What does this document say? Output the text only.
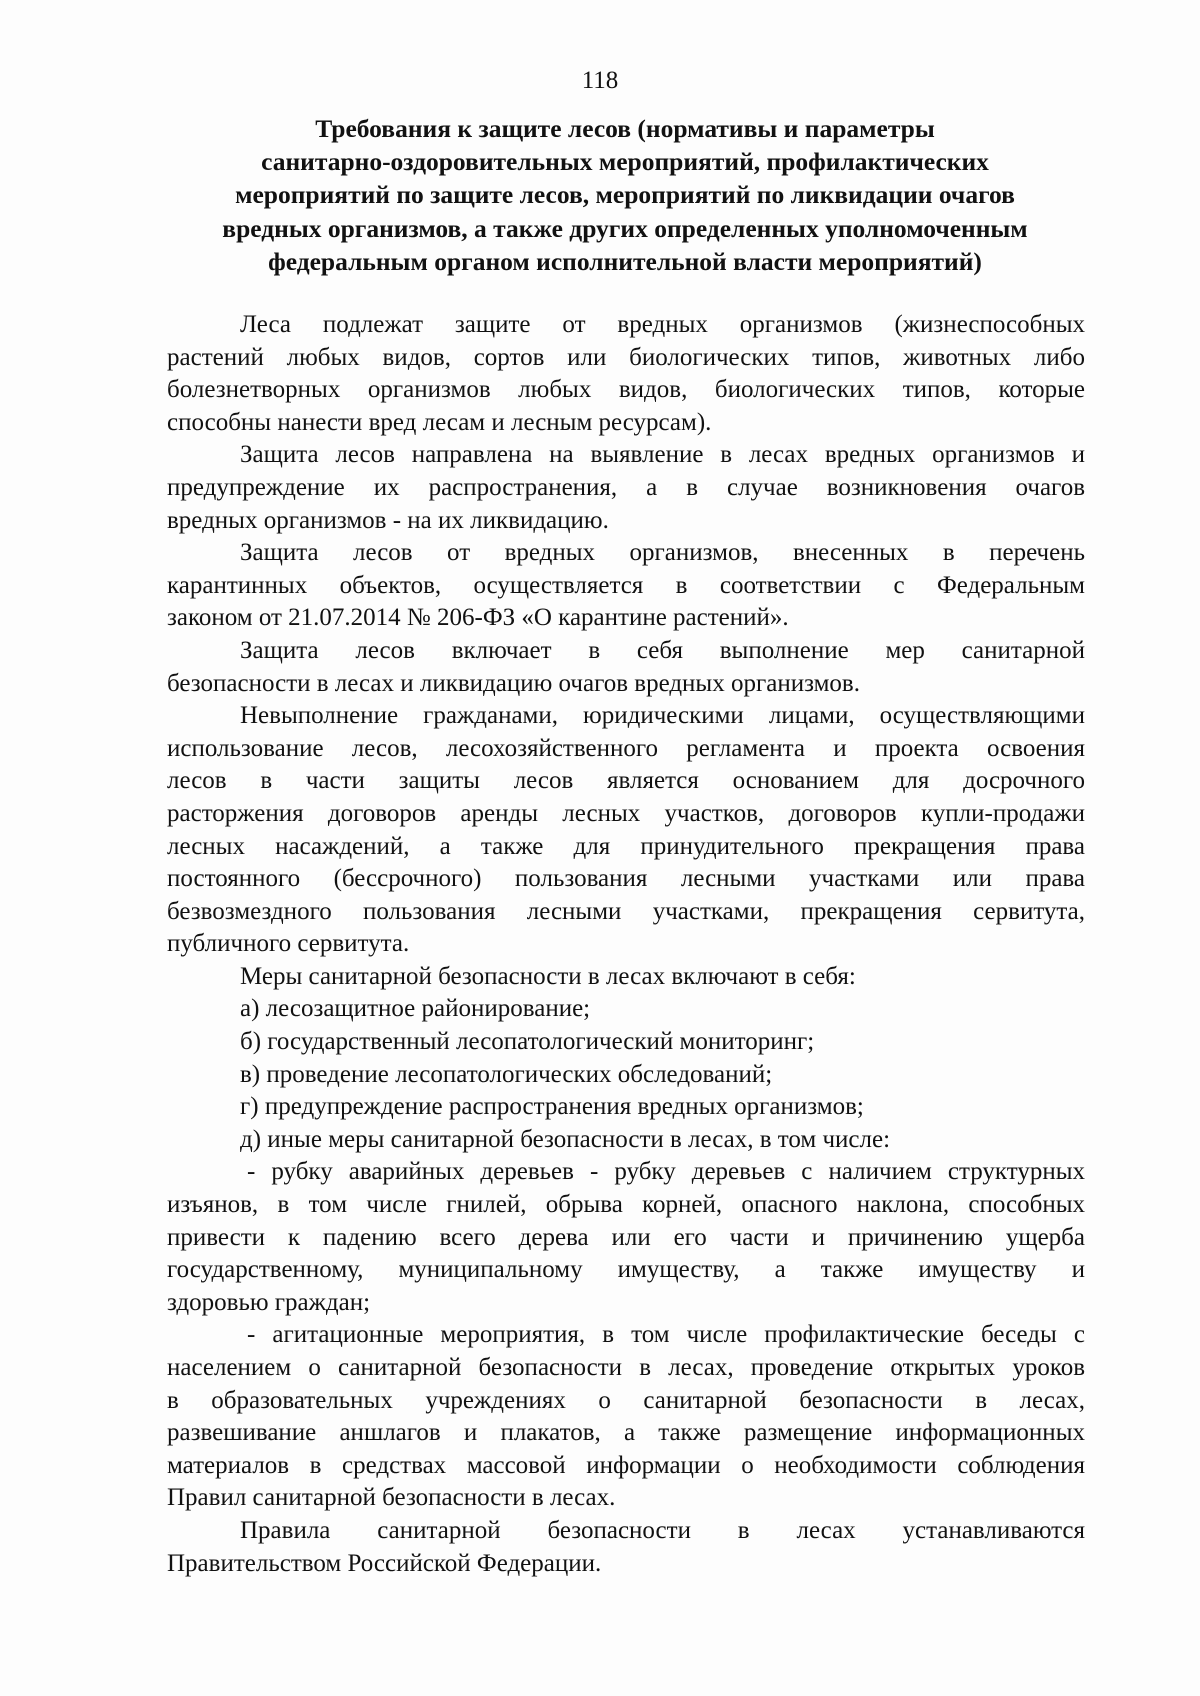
118
Требования к защите лесов (нормативы и параметры
санитарно-оздоровительных мероприятий, профилактических
мероприятий по защите лесов, мероприятий по ликвидации очагов
вредных организмов, а также других определенных уполномоченным
федеральным органом исполнительной власти мероприятий)
Леса подлежат защите от вредных организмов (жизнеспособных
растений любых видов, сортов или биологических типов, животных либо
болезнетворных организмов любых видов, биологических типов, которые
способны нанести вред лесам и лесным ресурсам).
Защита лесов направлена на выявление в лесах вредных организмов и
предупреждение их распространения, а в случае возникновения очагов
вредных организмов - на их ликвидацию.
Защита лесов от вредных организмов, внесенных в перечень
карантинных объектов, осуществляется в соответствии с Федеральным
законом от 21.07.2014 № 206-ФЗ «О карантине растений».
Защита лесов включает в себя выполнение мер санитарной
безопасности в лесах и ликвидацию очагов вредных организмов.
Невыполнение гражданами, юридическими лицами, осуществляющими
использование лесов, лесохозяйственного регламента и проекта освоения
лесов в части защиты лесов является основанием для досрочного
расторжения договоров аренды лесных участков, договоров купли-продажи
лесных насаждений, а также для принудительного прекращения права
постоянного (бессрочного) пользования лесными участками или права
безвозмездного пользования лесными участками, прекращения сервитута,
публичного сервитута.
Меры санитарной безопасности в лесах включают в себя:
а) лесозащитное районирование;
б) государственный лесопатологический мониторинг;
в) проведение лесопатологических обследований;
г) предупреждение распространения вредных организмов;
д) иные меры санитарной безопасности в лесах, в том числе:
- рубку аварийных деревьев - рубку деревьев с наличием структурных
изъянов, в том числе гнилей, обрыва корней, опасного наклона, способных
привести к падению всего дерева или его части и причинению ущерба
государственному, муниципальному имуществу, а также имуществу и
здоровью граждан;
- агитационные мероприятия, в том числе профилактические беседы с
населением о санитарной безопасности в лесах, проведение открытых уроков
в образовательных учреждениях о санитарной безопасности в лесах,
развешивание аншлагов и плакатов, а также размещение информационных
материалов в средствах массовой информации о необходимости соблюдения
Правил санитарной безопасности в лесах.
Правила санитарной безопасности в лесах устанавливаются
Правительством Российской Федерации.
